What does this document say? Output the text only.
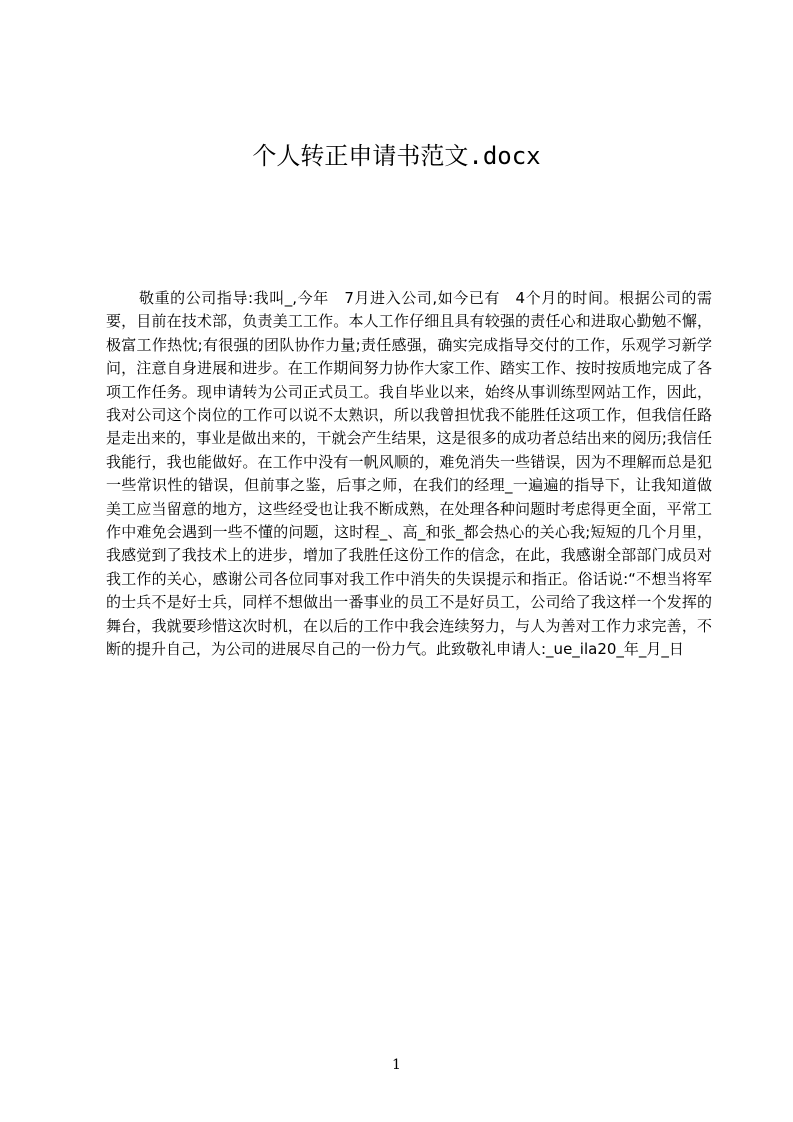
个人转正申请书范文.docx

敬重的公司指导:我叫_,今年　7月进入公司,如今已有　4个月的时间。根据公司的需要，目前在技术部，负责美工工作。本人工作仔细且具有较强的责任心和进取心勤勉不懈，极富工作热忱;有很强的团队协作力量;责任感强，确实完成指导交付的工作，乐观学习新学问，注意自身进展和进步。在工作期间努力协作大家工作、踏实工作、按时按质地完成了各项工作任务。现申请转为公司正式员工。我自毕业以来，始终从事训练型网站工作，因此，我对公司这个岗位的工作可以说不太熟识，所以我曾担忧我不能胜任这项工作，但我信任路是走出来的，事业是做出来的，干就会产生结果，这是很多的成功者总结出来的阅历;我信任我能行，我也能做好。在工作中没有一帆风顺的，难免消失一些错误，因为不理解而总是犯一些常识性的错误，但前事之鉴，后事之师，在我们的经理_一遍遍的指导下，让我知道做美工应当留意的地方，这些经受也让我不断成熟，在处理各种问题时考虑得更全面，平常工作中难免会遇到一些不懂的问题，这时程_、高_和张_都会热心的关心我;短短的几个月里，我感觉到了我技术上的进步，增加了我胜任这份工作的信念，在此，我感谢全部部门成员对我工作的关心，感谢公司各位同事对我工作中消失的失误提示和指正。俗话说:“不想当将军的士兵不是好士兵，同样不想做出一番事业的员工不是好员工，公司给了我这样一个发挥的舞台，我就要珍惜这次时机，在以后的工作中我会连续努力，与人为善对工作力求完善，不断的提升自己，为公司的进展尽自己的一份力气。此致敬礼申请人:_ue_ila20_年_月_日

1
